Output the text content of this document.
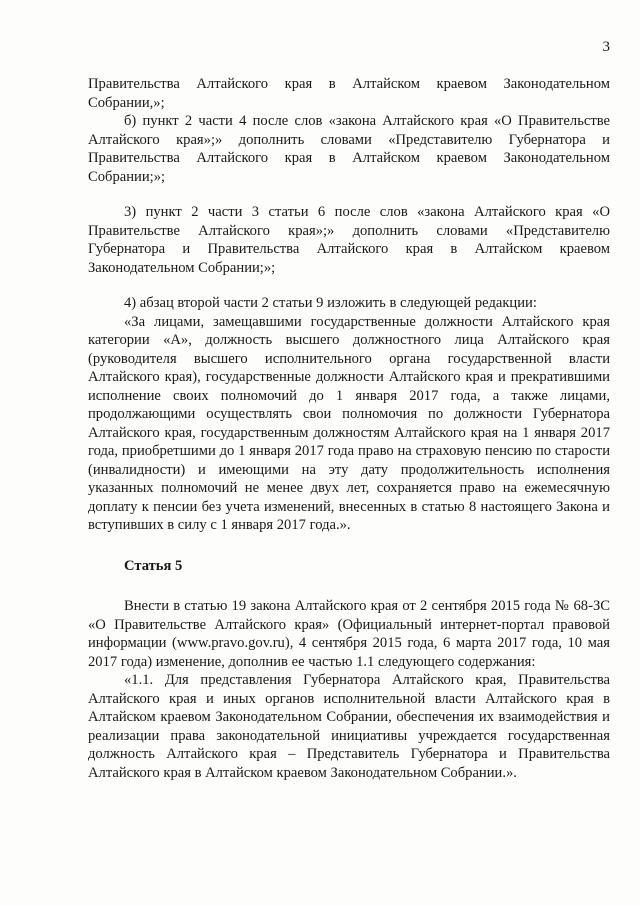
3

Правительства Алтайского края в Алтайском краевом Законодательном Собрании,»;

б) пункт 2 части 4 после слов «закона Алтайского края «О Правительстве Алтайского края»;» дополнить словами «Представителю Губернатора и Правительства Алтайского края в Алтайском краевом Законодательном Собрании;»;

3) пункт 2 части 3 статьи 6 после слов «закона Алтайского края «О Правительстве Алтайского края»;» дополнить словами «Представителю Губернатора и Правительства Алтайского края в Алтайском краевом Законодательном Собрании;»;

4) абзац второй части 2 статьи 9 изложить в следующей редакции:

«За лицами, замещавшими государственные должности Алтайского края категории «А», должность высшего должностного лица Алтайского края (руководителя высшего исполнительного органа государственной власти Алтайского края), государственные должности Алтайского края и прекратившими исполнение своих полномочий до 1 января 2017 года, а также лицами, продолжающими осуществлять свои полномочия по должности Губернатора Алтайского края, государственным должностям Алтайского края на 1 января 2017 года, приобретшими до 1 января 2017 года право на страховую пенсию по старости (инвалидности) и имеющими на эту дату продолжительность исполнения указанных полномочий не менее двух лет, сохраняется право на ежемесячную доплату к пенсии без учета изменений, внесенных в статью 8 настоящего Закона и вступивших в силу с 1 января 2017 года.».

Статья 5

Внести в статью 19 закона Алтайского края от 2 сентября 2015 года № 68-ЗС «О Правительстве Алтайского края» (Официальный интернет-портал правовой информации (www.pravo.gov.ru), 4 сентября 2015 года, 6 марта 2017 года, 10 мая 2017 года) изменение, дополнив ее частью 1.1 следующего содержания:

«1.1. Для представления Губернатора Алтайского края, Правительства Алтайского края и иных органов исполнительной власти Алтайского края в Алтайском краевом Законодательном Собрании, обеспечения их взаимодействия и реализации права законодательной инициативы учреждается государственная должность Алтайского края – Представитель Губернатора и Правительства Алтайского края в Алтайском краевом Законодательном Собрании.».
